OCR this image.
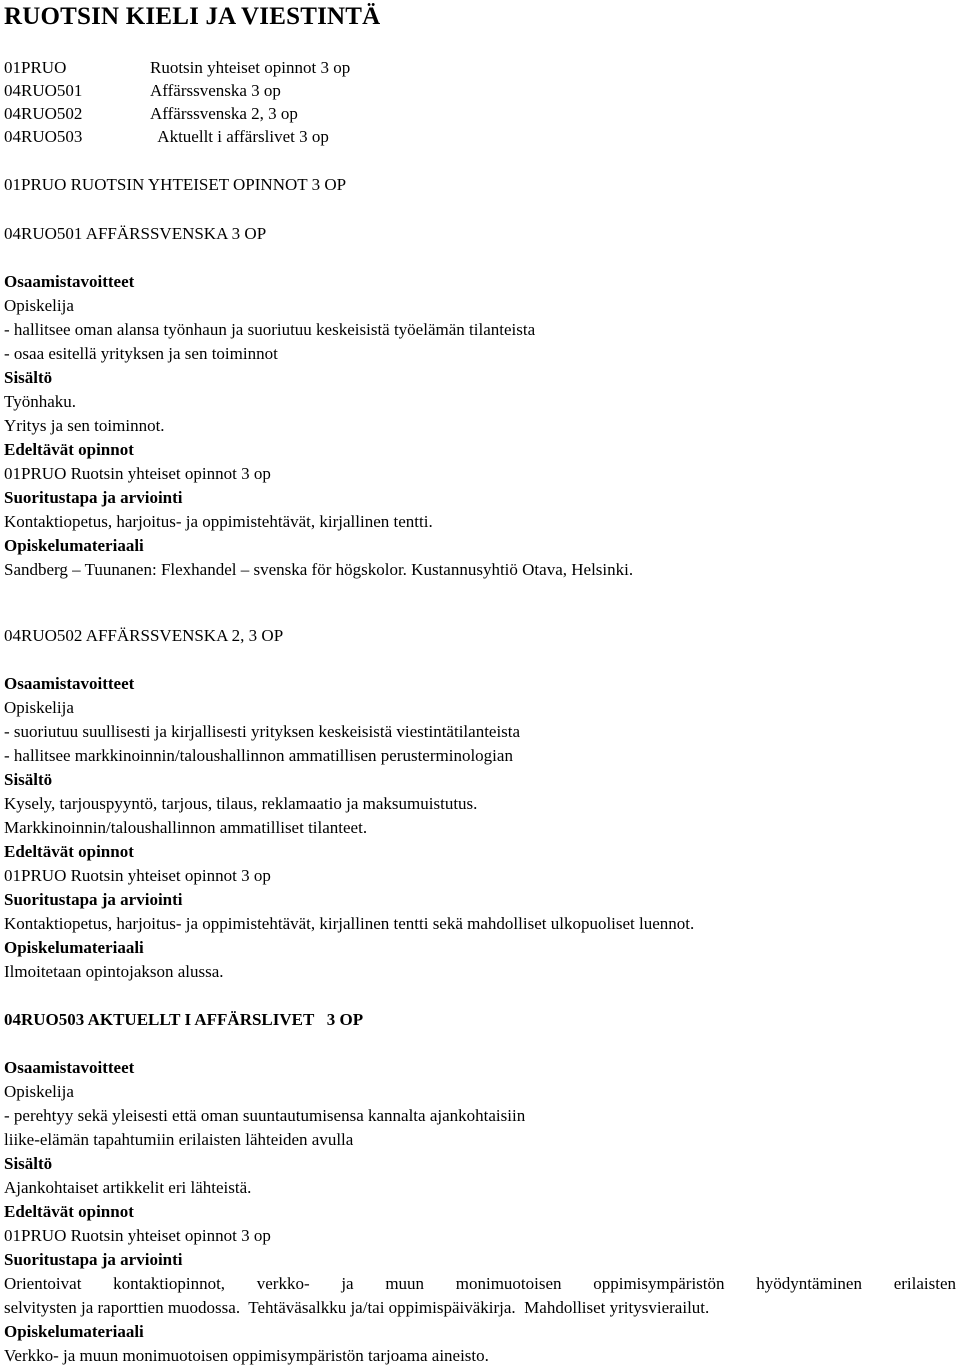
RUOTSIN KIELI JA VIESTINTÄ
01PRUO	Ruotsin yhteiset opinnot 3 op
04RUO501	Affärssvenska 3 op
04RUO502	Affärssvenska 2, 3 op
04RUO503	Aktuellt i affärslivet 3 op
01PRUO RUOTSIN YHTEISET OPINNOT 3 OP
04RUO501 AFFÄRSSVENSKA 3 OP
Osaamistavoitteet
Opiskelija
- hallitsee oman alansa työnhaun ja suoriutuu keskeisistä työelämän tilanteista
- osaa esitellä yrityksen ja sen toiminnot
Sisältö
Työnhaku.
Yritys ja sen toiminnot.
Edeltävät opinnot
01PRUO Ruotsin yhteiset opinnot 3 op
Suoritustapa ja arviointi
Kontaktiopetus, harjoitus- ja oppimistehtävät, kirjallinen tentti.
Opiskelumateriaali
Sandberg – Tuunanen: Flexhandel – svenska för högskolor. Kustannusyhtiö Otava, Helsinki.
04RUO502 AFFÄRSSVENSKA 2, 3 OP
Osaamistavoitteet
Opiskelija
- suoriutuu suullisesti ja kirjallisesti yrityksen keskeisistä viestintätilanteista
- hallitsee markkinoinnin/taloushallinnon ammatillisen perusterminologian
Sisältö
Kysely, tarjouspyyntö, tarjous, tilaus, reklamaatio ja maksumuistutus.
Markkinoinnin/taloushallinnon ammatilliset tilanteet.
Edeltävät opinnot
01PRUO Ruotsin yhteiset opinnot 3 op
Suoritustapa ja arviointi
Kontaktiopetus, harjoitus- ja oppimistehtävät, kirjallinen tentti sekä mahdolliset ulkopuoliset luennot.
Opiskelumateriaali
Ilmoitetaan opintojakson alussa.
04RUO503 AKTUELLT I AFFÄRSLIVET   3 OP
Osaamistavoitteet
Opiskelija
- perehtyy sekä yleisesti että oman suuntautumisensa kannalta ajankohtaisiin
liike-elämän tapahtumiin erilaisten lähteiden avulla
Sisältö
Ajankohtaiset artikkelit eri lähteistä.
Edeltävät opinnot
01PRUO Ruotsin yhteiset opinnot 3 op
Suoritustapa ja arviointi
Orientoivat kontaktiopinnot, verkko- ja muun monimuotoisen oppimisympäristön hyödyntäminen erilaisten
selvitysten ja raporttien muodossa.  Tehtäväsalkku ja/tai oppimispäiväkirja.  Mahdolliset yritysvierailut.
Opiskelumateriaali
Verkko- ja muun monimuotoisen oppimisympäristön tarjoama aineisto.
